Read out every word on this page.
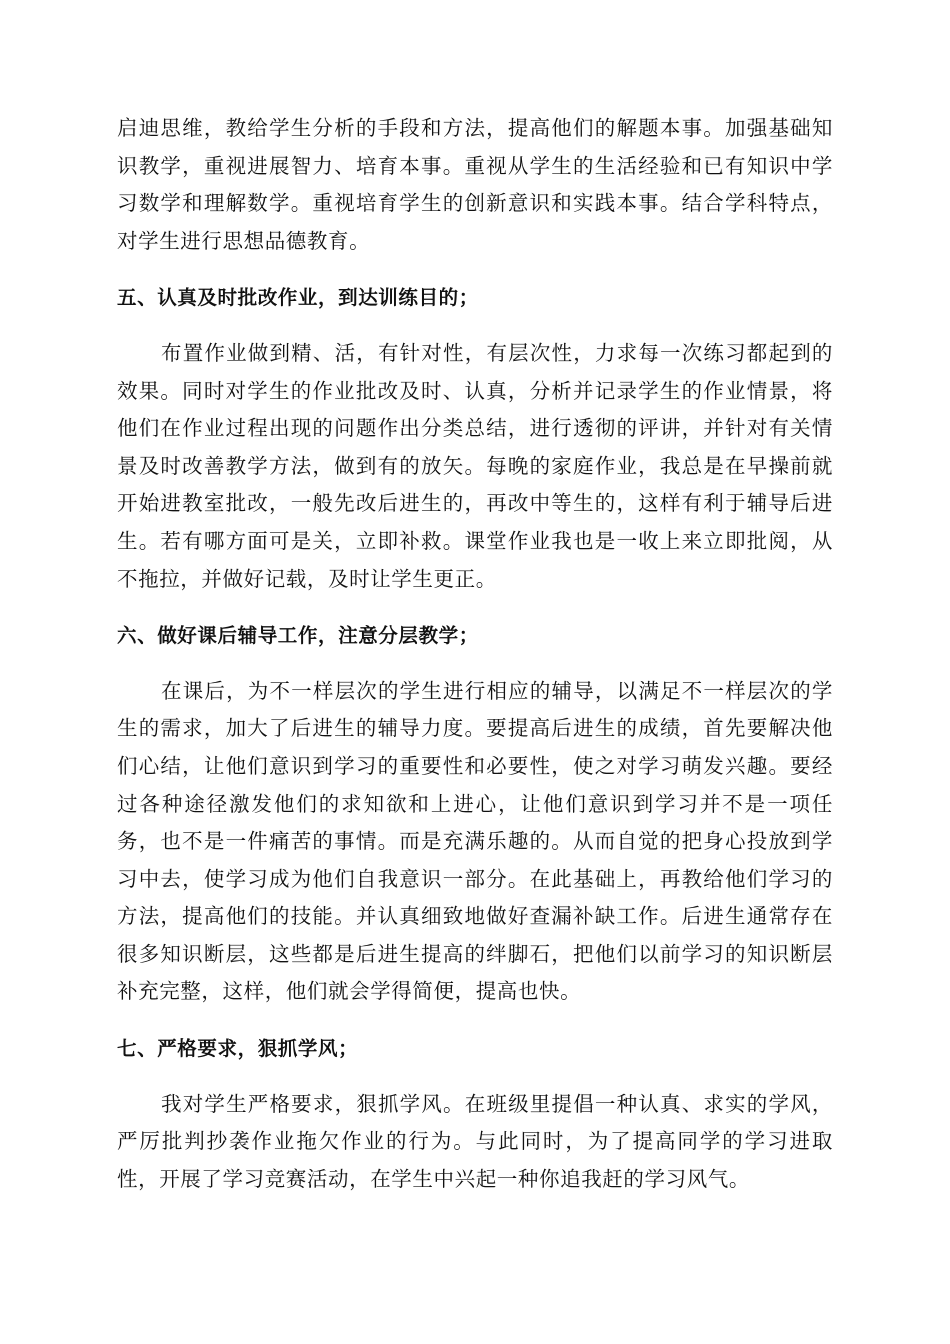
启迪思维，教给学生分析的手段和方法，提高他们的解题本事。加强基础知识教学，重视进展智力、培育本事。重视从学生的生活经验和已有知识中学习数学和理解数学。重视培育学生的创新意识和实践本事。结合学科特点，对学生进行思想品德教育。

五、认真及时批改作业，到达训练目的；

布置作业做到精、活，有针对性，有层次性，力求每一次练习都起到的效果。同时对学生的作业批改及时、认真，分析并记录学生的作业情景，将他们在作业过程出现的问题作出分类总结，进行透彻的评讲，并针对有关情景及时改善教学方法，做到有的放矢。每晚的家庭作业，我总是在早操前就开始进教室批改，一般先改后进生的，再改中等生的，这样有利于辅导后进生。若有哪方面可是关，立即补救。课堂作业我也是一收上来立即批阅，从不拖拉，并做好记载，及时让学生更正。

六、做好课后辅导工作，注意分层教学；

在课后，为不一样层次的学生进行相应的辅导，以满足不一样层次的学生的需求，加大了后进生的辅导力度。要提高后进生的成绩，首先要解决他们心结，让他们意识到学习的重要性和必要性，使之对学习萌发兴趣。要经过各种途径激发他们的求知欲和上进心，让他们意识到学习并不是一项任务，也不是一件痛苦的事情。而是充满乐趣的。从而自觉的把身心投放到学习中去，使学习成为他们自我意识一部分。在此基础上，再教给他们学习的方法，提高他们的技能。并认真细致地做好查漏补缺工作。后进生通常存在很多知识断层，这些都是后进生提高的绊脚石，把他们以前学习的知识断层补充完整，这样，他们就会学得简便，提高也快。

七、严格要求，狠抓学风；

我对学生严格要求，狠抓学风。在班级里提倡一种认真、求实的学风，严厉批判抄袭作业拖欠作业的行为。与此同时，为了提高同学的学习进取性，开展了学习竞赛活动，在学生中兴起一种你追我赶的学习风气。
